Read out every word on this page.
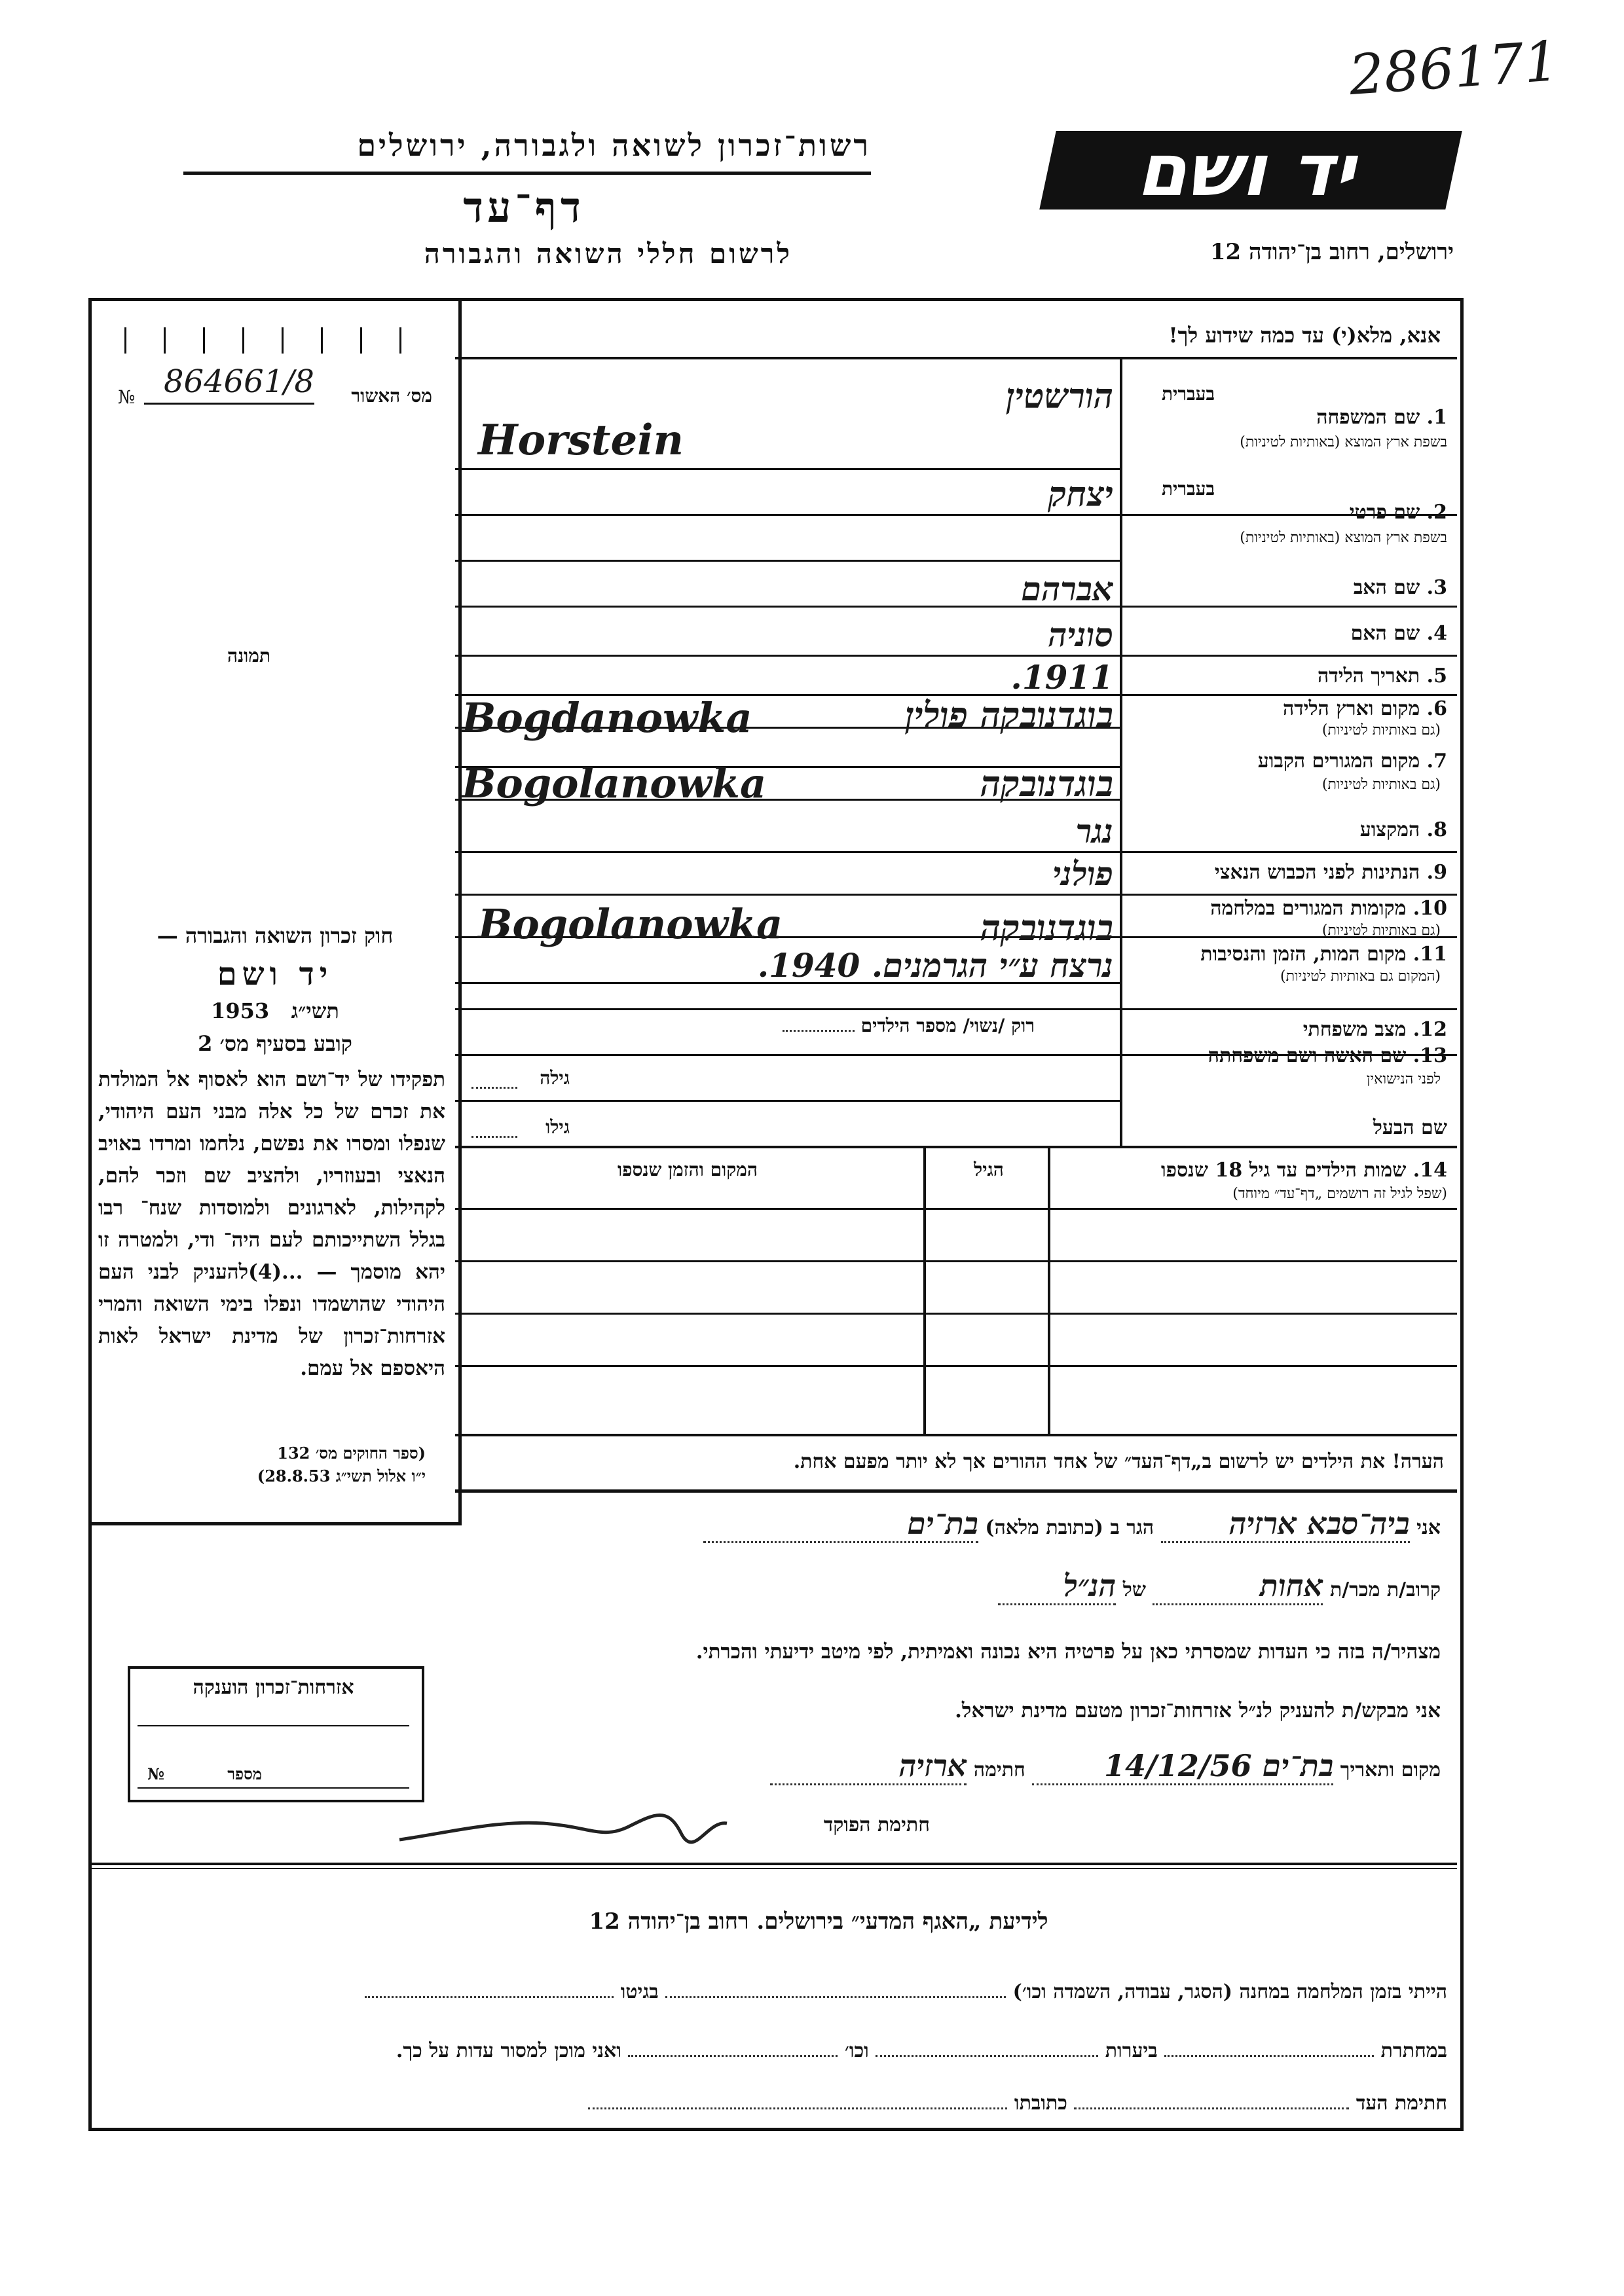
286171
יד ושם
רשות־זכרון לשואה ולגבורה, ירושלים
דף־עד
לרשום חללי השואה והגבורה	ירושלים, רחוב בן־יהודה 12
№ 864661/8	מס׳ האשור
תמונה
חוק זכרון השואה והגבורה —
יד ושם
1953 תשי״ג
קובע בסעיף מס׳ 2
תפקידו של יד־ושם הוא לאסוף אל המולדת את זכרם של כל אלה מבני העם היהודי, שנפלו ומסרו את נפשם, נלחמו ומרדו באויב הנאצי ובעוזריו, ולהציב שם וזכר להם, לקהילות, לארגונים ולמוסדות שנח־ רבו בגלל השתייכותם לעם היה־ ודי, ולמטרה זו יהא מוסמך — ...(4)להעניק לבני העם היהודי שהושמדו ונפלו בימי השואה והמרי אזרחות־זכרון של מדינת ישראל לאות היאספם אל עמם.
(ספר החוקים מס׳ 132
י״ו אלול תשי״ג 28.8.53)
אנא, מלא(י) עד כמה שידוע לך!
בעברית
1. שם המשפחה
בשפת ארץ המוצא (באותיות לטיניות)
הורשטין
Horstein
בעברית
2. שם פרטי
בשפת ארץ המוצא (באותיות לטיניות)
יצחק
3. שם האב
אברהם
4. שם האם
סוניה
5. תאריך הלידה
1911.
6. מקום וארץ הלידה
(גם באותיות לטיניות)
בוגדנובקה פולין
Bogdanowka
7. מקום המגורים הקבוע
(גם באותיות לטיניות)
בוגדנובקה
Bogolanowka
8. המקצוע
נגר
9. הנתינות לפני הכבוש הנאצי
פולני
10. מקומות המגורים במלחמה
(גם באותיות לטיניות)
בוגדנובקה
Bogolanowka
11. מקום המות, הזמן והנסיבות
(המקום גם באותיות לטיניות)
נרצח ע״י הגרמנים. 1940.
12. מצב משפחתי
רוק /נשוי/ מספר הילדים
13. שם האשה ושם משפחתה
לפני הנישואין
גילה
שם הבעל
גילו
14. שמות הילדים עד גיל 18 שנספו
(שפל לגיל זה רושמים „דף־עד״ מיוחד)
הגיל
המקום והזמן שנספו
הערה! את הילדים יש לרשום ב„דף־העד״ של אחד ההורים אך לא יותר מפעם אחת.
אני ביה־סבא ארזיה הגר ב (כתובת מלאה) בת־ים
קרוב/ת מכר/ת אחות של הנ״ל
מצהיר/ה בזה כי העדות שמסרתי כאן על פרטיה היא נכונה ואמיתית, לפי מיטב ידיעתי והכרתי.
אני מבקש/ת להעניק לנ״ל אזרחות־זכרון מטעם מדינת ישראל.
מקום ותאריך בת־ים 14/12/56 חתימה ארזיה
חתימת הפוקד
אזרחות־זכרון הוענקה
מספר
№
לידיעת „האגף המדעי״ בירושלים. רחוב בן־יהודה 12
הייתי בזמן המלחמה במחנה (הסגר, עבודה, השמדה וכו׳)  בגיטו
במחתרת  ביערות  וכו׳  ואני מוכן למסור עדות על כך.
חתימת העד  כתובתו
